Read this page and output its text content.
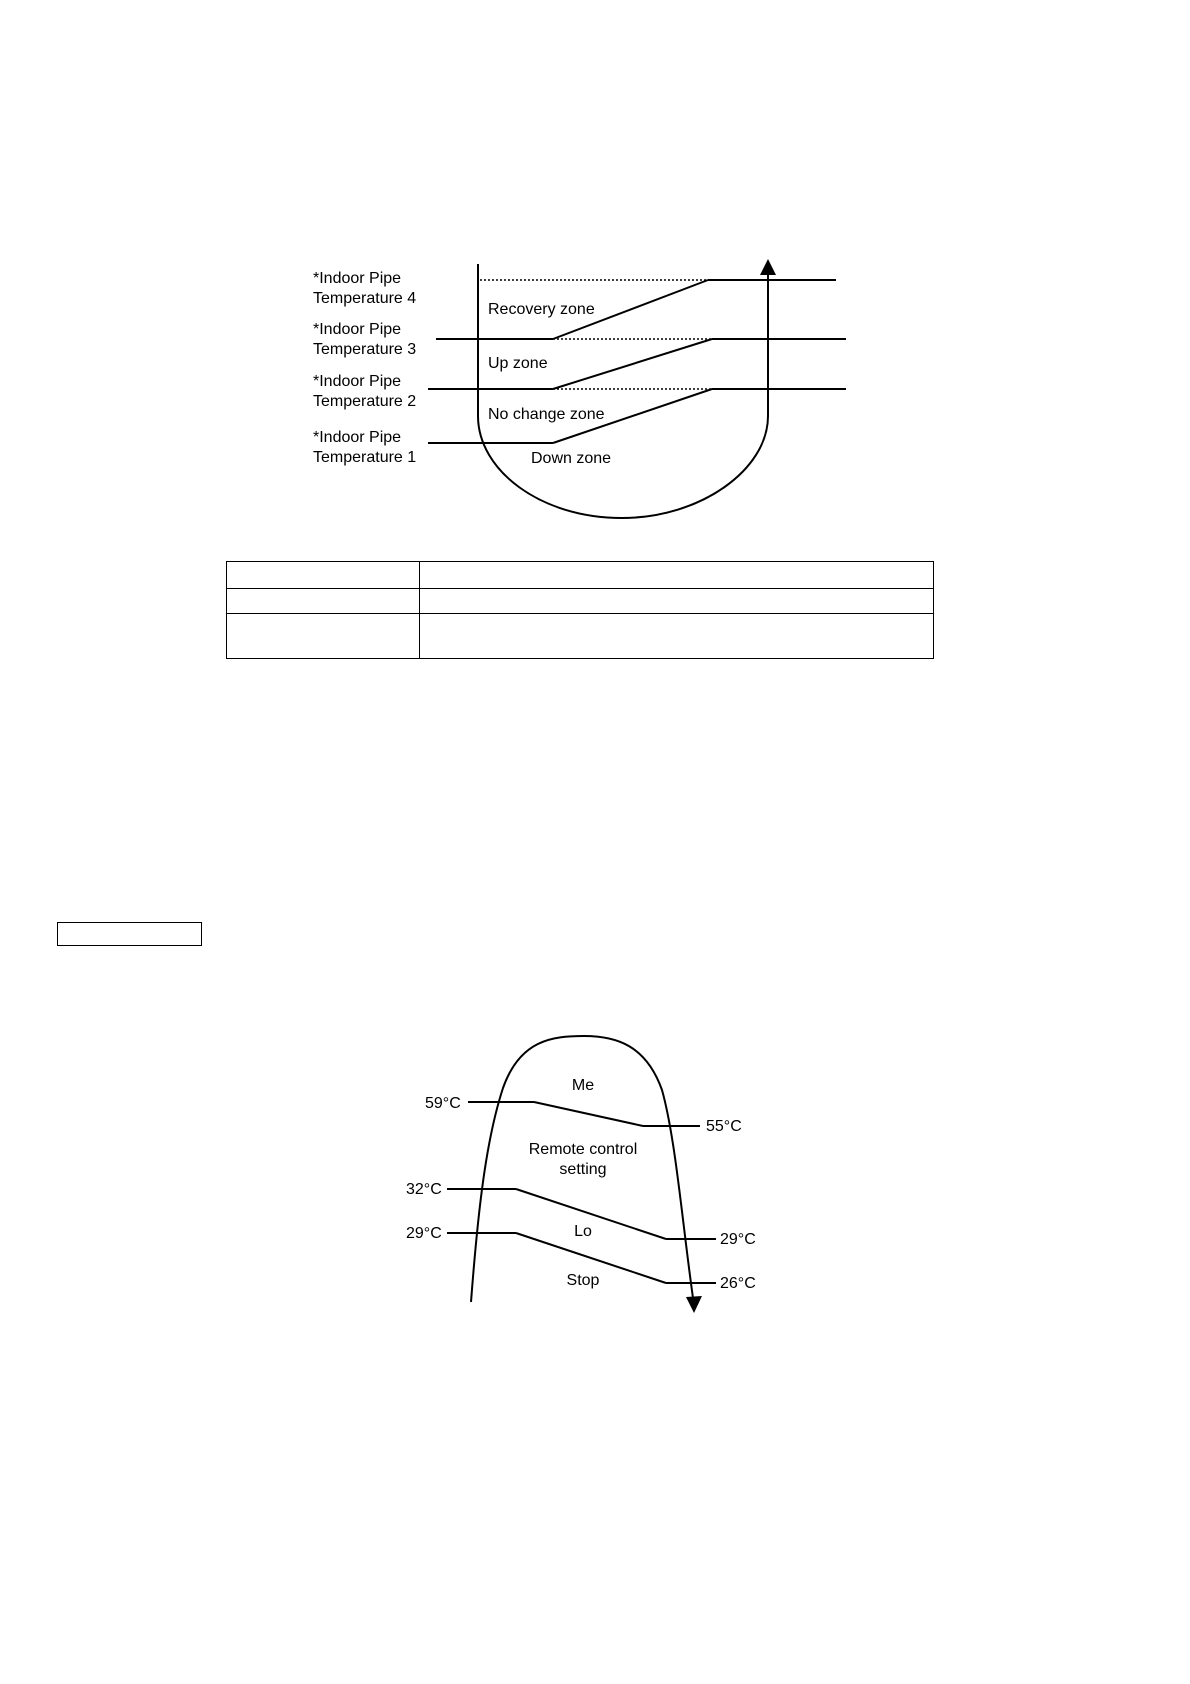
*Indoor Pipe
Temperature 4
*Indoor Pipe
Temperature 3
*Indoor Pipe
Temperature 2
*Indoor Pipe
Temperature 1
Recovery zone
Up zone
No change zone
Down zone

59°C
32°C
29°C
55°C
29°C
26°C
Me
Remote control
setting
Lo
Stop
